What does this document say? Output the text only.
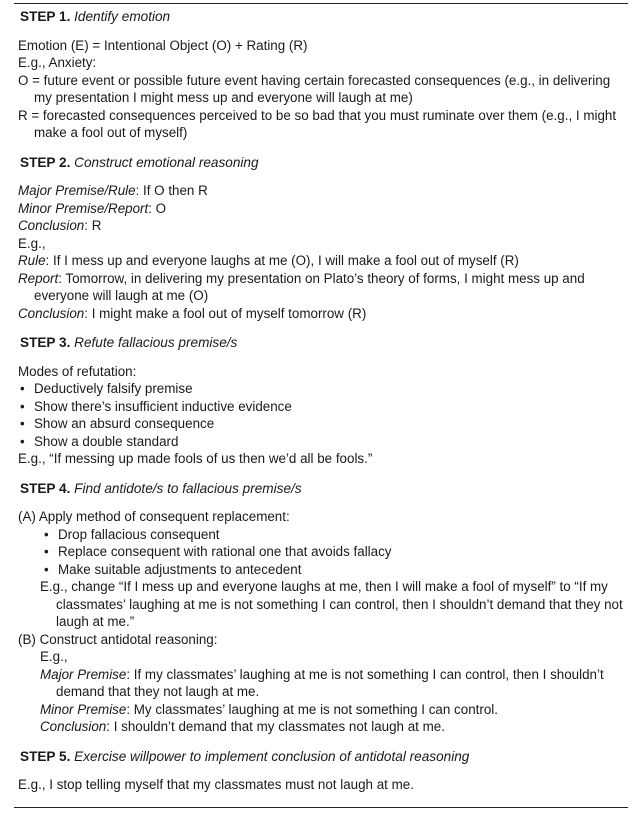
STEP 1. Identify emotion

Emotion (E) = Intentional Object (O) + Rating (R)

E.g., Anxiety:

O = future event or possible future event having certain forecasted consequences (e.g., in delivering my presentation I might mess up and everyone will laugh at me)

R = forecasted consequences perceived to be so bad that you must ruminate over them (e.g., I might make a fool out of myself)

STEP 2. Construct emotional reasoning

Major Premise/Rule: If O then R

Minor Premise/Report: O

Conclusion: R

E.g.,

Rule: If I mess up and everyone laughs at me (O), I will make a fool out of myself (R)

Report: Tomorrow, in delivering my presentation on Plato’s theory of forms, I might mess up and everyone will laugh at me (O)

Conclusion: I might make a fool out of myself tomorrow (R)

STEP 3. Refute fallacious premise/s

Modes of refutation:

• Deductively falsify premise
• Show there’s insufficient inductive evidence
• Show an absurd consequence
• Show a double standard

E.g., “If messing up made fools of us then we’d all be fools.”

STEP 4. Find antidote/s to fallacious premise/s

(A) Apply method of consequent replacement:

• Drop fallacious consequent
• Replace consequent with rational one that avoids fallacy
• Make suitable adjustments to antecedent

E.g., change “If I mess up and everyone laughs at me, then I will make a fool of myself” to “If my classmates’ laughing at me is not something I can control, then I shouldn’t demand that they not laugh at me.”

(B) Construct antidotal reasoning:

E.g.,

Major Premise: If my classmates’ laughing at me is not something I can control, then I shouldn’t demand that they not laugh at me.

Minor Premise: My classmates’ laughing at me is not something I can control.

Conclusion: I shouldn’t demand that my classmates not laugh at me.

STEP 5. Exercise willpower to implement conclusion of antidotal reasoning

E.g., I stop telling myself that my classmates must not laugh at me.
